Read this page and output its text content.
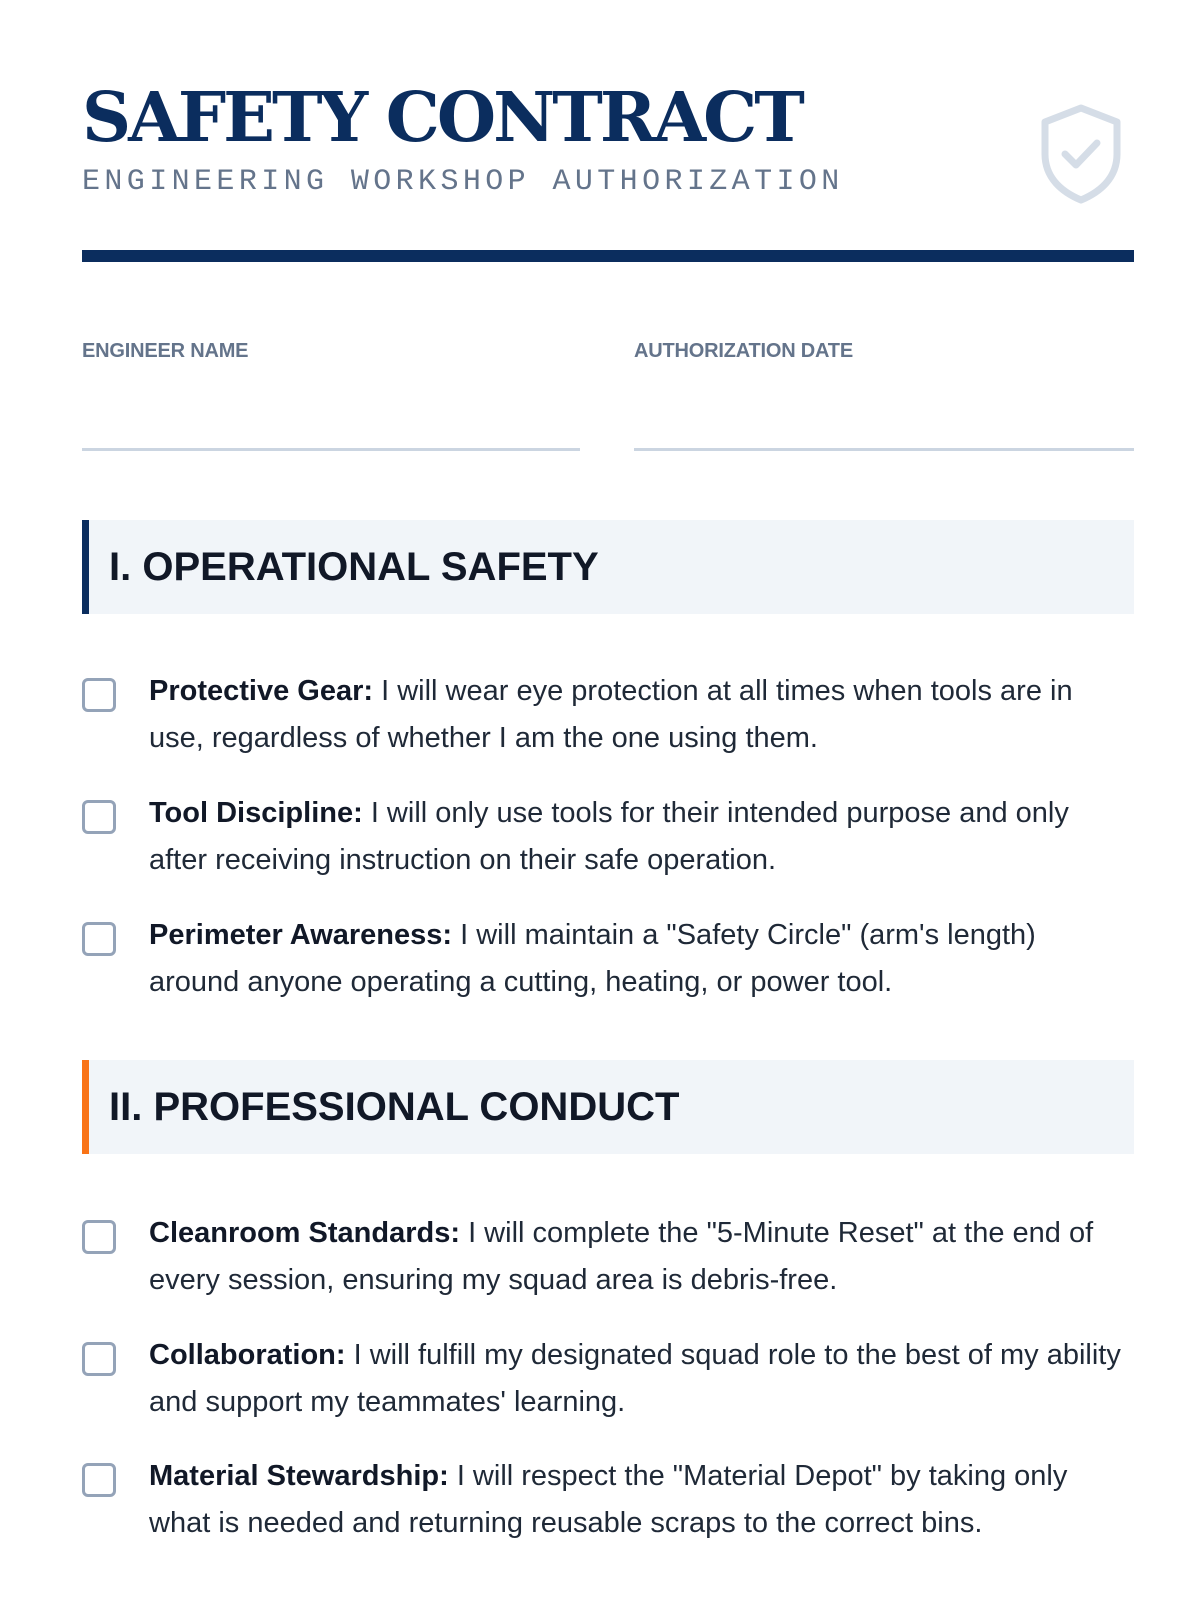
SAFETY CONTRACT
ENGINEERING WORKSHOP AUTHORIZATION
ENGINEER NAME	AUTHORIZATION DATE
I. OPERATIONAL SAFETY
Protective Gear: I will wear eye protection at all times when tools are in use, regardless of whether I am the one using them.
Tool Discipline: I will only use tools for their intended purpose and only after receiving instruction on their safe operation.
Perimeter Awareness: I will maintain a "Safety Circle" (arm's length) around anyone operating a cutting, heating, or power tool.
II. PROFESSIONAL CONDUCT
Cleanroom Standards: I will complete the "5-Minute Reset" at the end of every session, ensuring my squad area is debris-free.
Collaboration: I will fulfill my designated squad role to the best of my ability and support my teammates' learning.
Material Stewardship: I will respect the "Material Depot" by taking only what is needed and returning reusable scraps to the correct bins.
